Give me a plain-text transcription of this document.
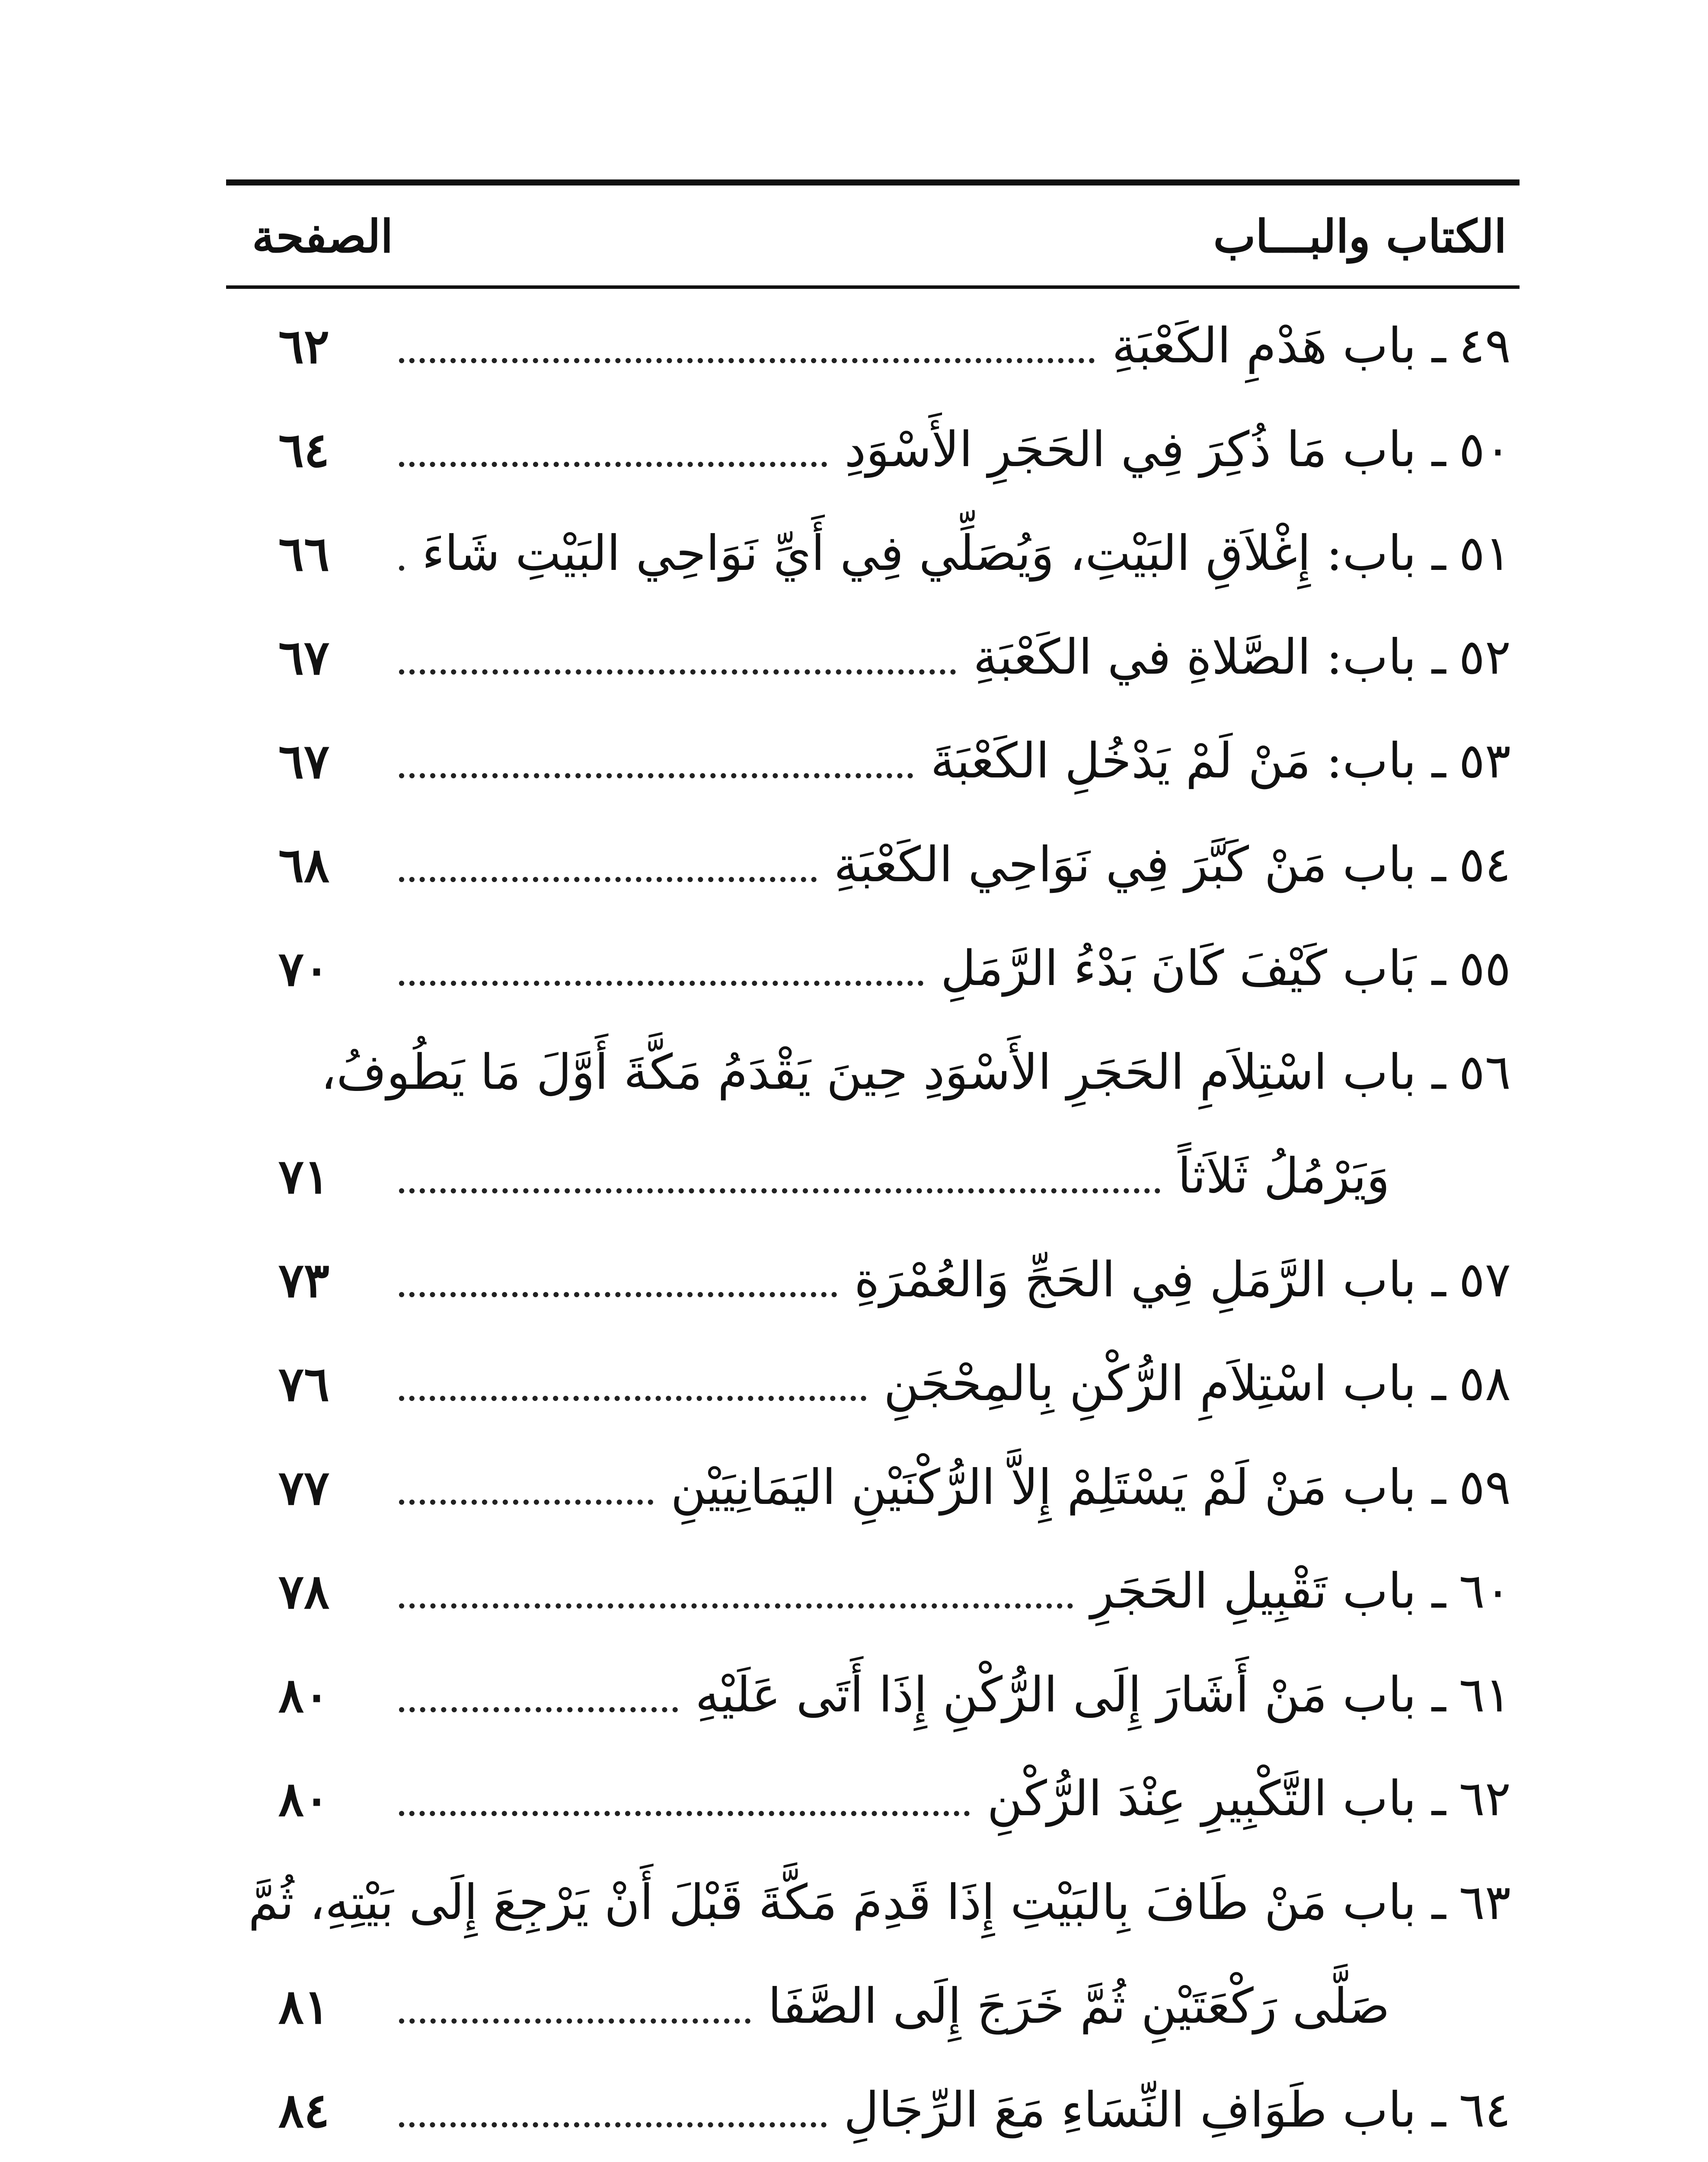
الكتاب والبـــاب
الصفحة
٤٩ـ باب هَدْمِ الكَعْبَةِ
٦٢
٥٠ـ باب مَا ذُكِرَ فِي الحَجَرِ الأَسْوَدِ
٦٤
٥١ـ باب: إِغْلاَقِ البَيْتِ، وَيُصَلِّي فِي أَيِّ نَوَاحِي البَيْتِ شَاءَ
٦٦
٥٢ـ باب: الصَّلاةِ في الكَعْبَةِ
٦٧
٥٣ـ باب: مَنْ لَمْ يَدْخُلِ الكَعْبَةَ
٦٧
٥٤ـ باب مَنْ كَبَّرَ فِي نَوَاحِي الكَعْبَةِ
٦٨
٥٥ـ بَاب كَيْفَ كَانَ بَدْءُ الرَّمَلِ
٧٠
٥٦ـ باب اسْتِلاَمِ الحَجَرِ الأَسْوَدِ حِينَ يَقْدَمُ مَكَّةَ أَوَّلَ مَا يَطُوفُ،
وَيَرْمُلُ ثَلاَثاً
٧١
٥٧ـ باب الرَّمَلِ فِي الحَجِّ وَالعُمْرَةِ
٧٣
٥٨ـ باب اسْتِلاَمِ الرُّكْنِ بِالمِحْجَنِ
٧٦
٥٩ـ باب مَنْ لَمْ يَسْتَلِمْ إِلاَّ الرُّكْنَيْنِ اليَمَانِيَيْنِ
٧٧
٦٠ـ باب تَقْبِيلِ الحَجَرِ
٧٨
٦١ـ باب مَنْ أَشَارَ إِلَى الرُّكْنِ إِذَا أَتَى عَلَيْهِ
٨٠
٦٢ـ باب التَّكْبِيرِ عِنْدَ الرُّكْنِ
٨٠
٦٣ـ باب مَنْ طَافَ بِالبَيْتِ إِذَا قَدِمَ مَكَّةَ قَبْلَ أَنْ يَرْجِعَ إِلَى بَيْتِهِ، ثُمَّ
صَلَّى رَكْعَتَيْنِ ثُمَّ خَرَجَ إِلَى الصَّفَا
٨١
٦٤ـ باب طَوَافِ النِّسَاءِ مَعَ الرِّجَالِ
٨٤
